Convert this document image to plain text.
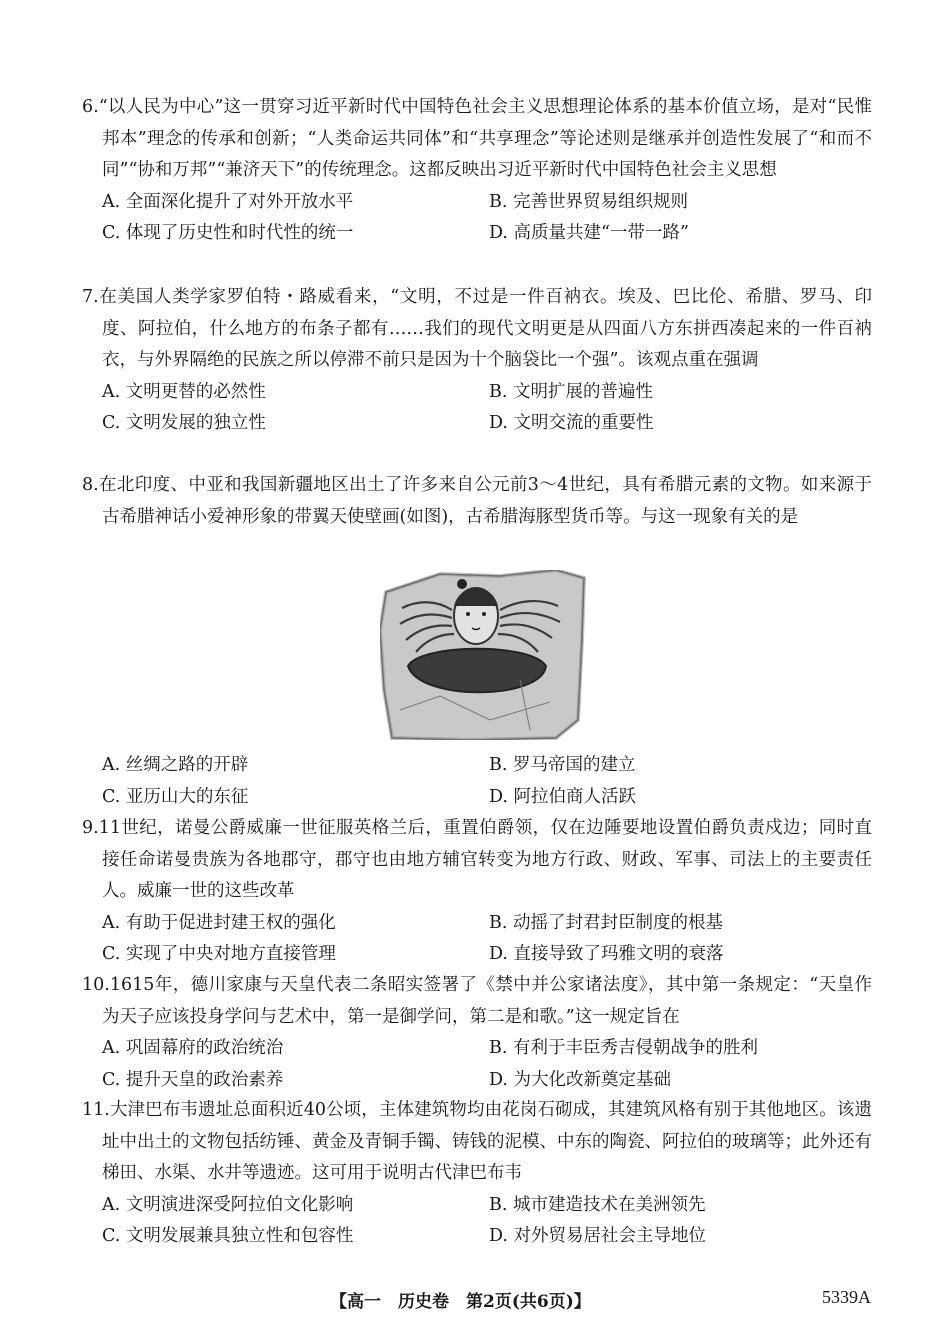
6.“以人民为中心”这一贯穿习近平新时代中国特色社会主义思想理论体系的基本价值立场，是对“民惟邦本”理念的传承和创新；“人类命运共同体”和“共享理念”等论述则是继承并创造性发展了“和而不同”“协和万邦”“兼济天下”的传统理念。这都反映出习近平新时代中国特色社会主义思想
A. 全面深化提升了对外开放水平	B. 完善世界贸易组织规则
C. 体现了历史性和时代性的统一	D. 高质量共建“一带一路”
7.在美国人类学家罗伯特・路威看来，“文明，不过是一件百衲衣。埃及、巴比伦、希腊、罗马、印度、阿拉伯，什么地方的布条子都有……我们的现代文明更是从四面八方东拼西凑起来的一件百衲衣，与外界隔绝的民族之所以停滞不前只是因为十个脑袋比一个强”。该观点重在强调
A. 文明更替的必然性	B. 文明扩展的普遍性
C. 文明发展的独立性	D. 文明交流的重要性
8.在北印度、中亚和我国新疆地区出土了许多来自公元前3～4世纪，具有希腊元素的文物。如来源于古希腊神话小爱神形象的带翼天使壁画(如图)，古希腊海豚型货币等。与这一现象有关的是
A. 丝绸之路的开辟	B. 罗马帝国的建立
C. 亚历山大的东征	D. 阿拉伯商人活跃
9.11世纪，诺曼公爵威廉一世征服英格兰后，重置伯爵领，仅在边陲要地设置伯爵负责戍边；同时直接任命诺曼贵族为各地郡守，郡守也由地方辅官转变为地方行政、财政、军事、司法上的主要责任人。威廉一世的这些改革
A. 有助于促进封建王权的强化	B. 动摇了封君封臣制度的根基
C. 实现了中央对地方直接管理	D. 直接导致了玛雅文明的衰落
10.1615年，德川家康与天皇代表二条昭实签署了《禁中并公家诸法度》，其中第一条规定：“天皇作为天子应该投身学问与艺术中，第一是御学问，第二是和歌。”这一规定旨在
A. 巩固幕府的政治统治	B. 有利于丰臣秀吉侵朝战争的胜利
C. 提升天皇的政治素养	D. 为大化改新奠定基础
11.大津巴布韦遗址总面积近40公顷，主体建筑物均由花岗石砌成，其建筑风格有别于其他地区。该遗址中出土的文物包括纺锤、黄金及青铜手镯、铸钱的泥模、中东的陶瓷、阿拉伯的玻璃等；此外还有梯田、水渠、水井等遗迹。这可用于说明古代津巴布韦
A. 文明演进深受阿拉伯文化影响	B. 城市建造技术在美洲领先
C. 文明发展兼具独立性和包容性	D. 对外贸易居社会主导地位
【高一　历史卷　第2页(共6页)】	5339A
